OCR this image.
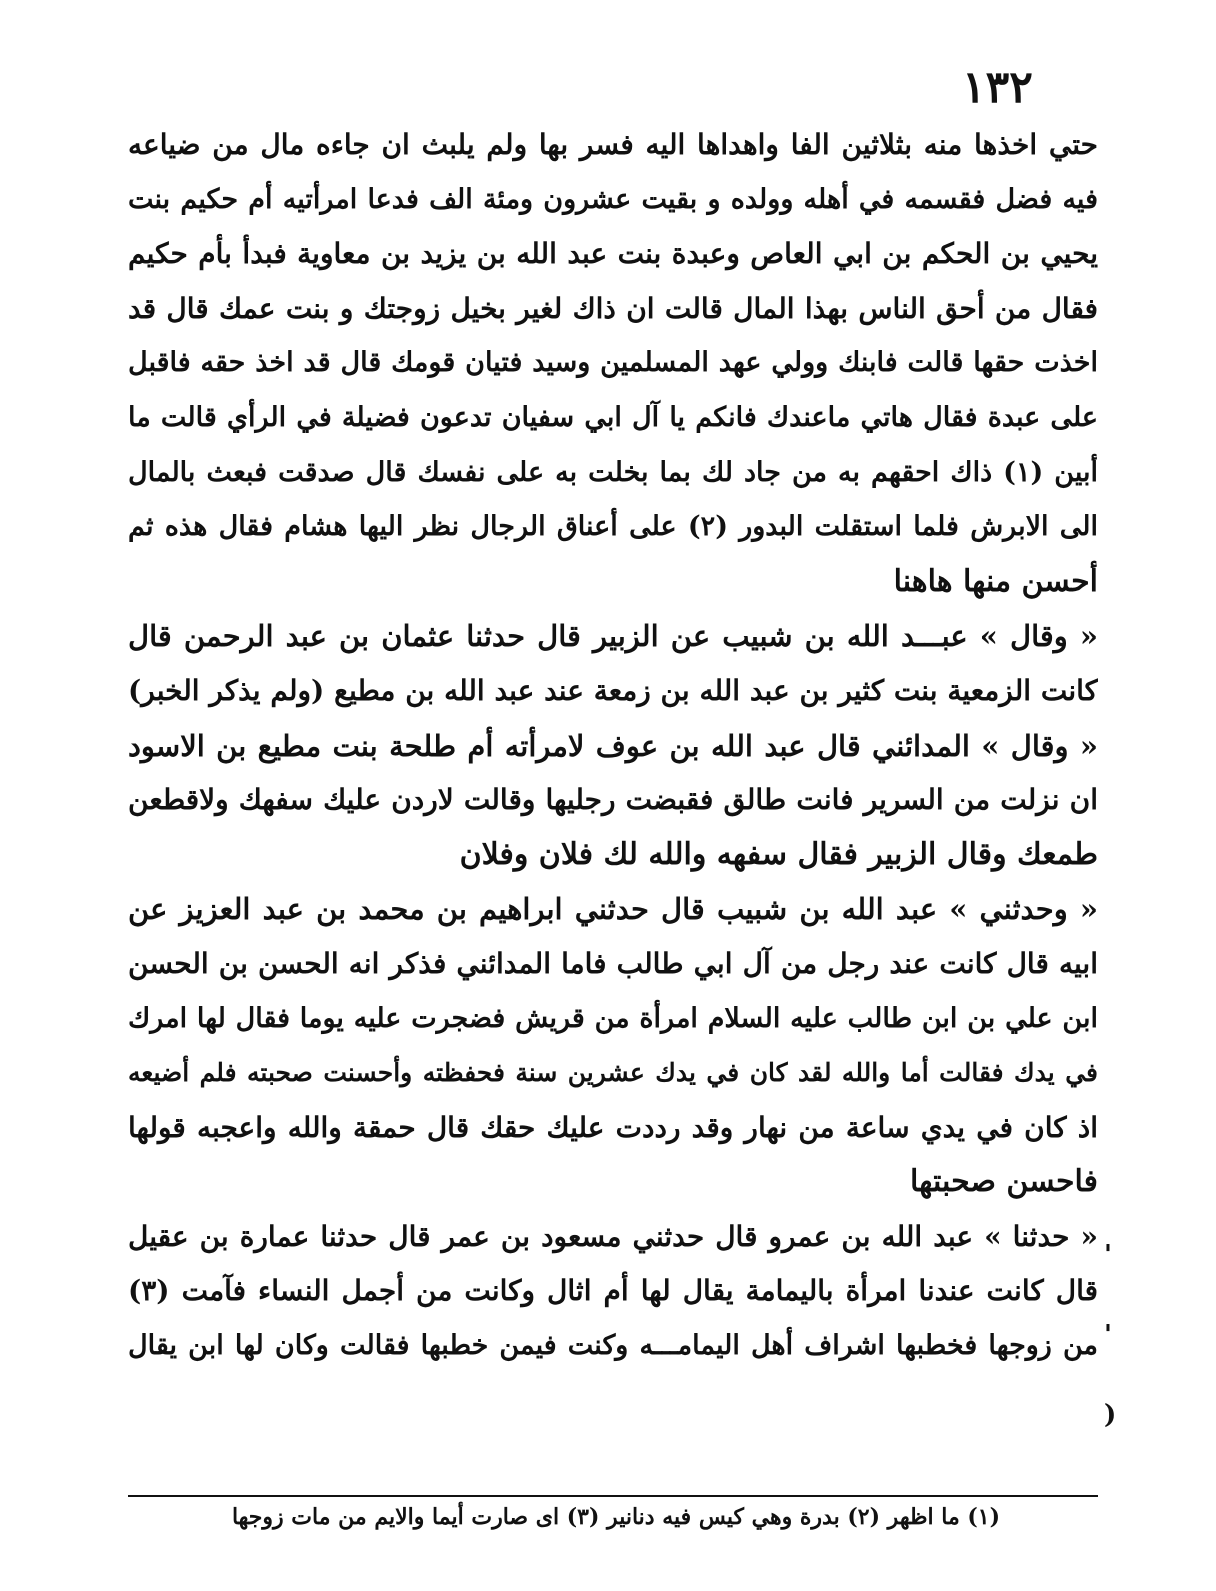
١٣٢
حتي اخذها منه بثلاثين الفا واهداها اليه فسر بها ولم يلبث ان جاءه مال من ضياعه
فيه فضل فقسمه في أهله وولده و بقيت عشرون ومئة الف فدعا امرأتيه أم حكيم بنت
يحيي بن الحكم بن ابي العاص وعبدة بنت عبد الله بن يزيد بن معاوية فبدأ بأم حكيم
فقال من أحق الناس بهذا المال قالت ان ذاك لغير بخيل زوجتك و بنت عمك قال قد
اخذت حقها قالت فابنك وولي عهد المسلمين وسيد فتيان قومك قال قد اخذ حقه فاقبل
على عبدة فقال هاتي ماعندك فانكم يا آل ابي سفيان تدعون فضيلة في الرأي قالت ما
أبين (١) ذاك احقهم به من جاد لك بما بخلت به على نفسك قال صدقت فبعث بالمال
الى الابرش فلما استقلت البدور (٢) على أعناق الرجال نظر اليها هشام فقال هذه ثم
أحسن منها هاهنا
« وقال » عبـــد الله بن شبيب عن الزبير قال حدثنا عثمان بن عبد الرحمن قال
كانت الزمعية بنت كثير بن عبد الله بن زمعة عند عبد الله بن مطيع (ولم يذكر الخبر)
« وقال » المدائني قال عبد الله بن عوف لامرأته أم طلحة بنت مطيع بن الاسود
ان نزلت من السرير فانت طالق فقبضت رجليها وقالت لاردن عليك سفهك ولاقطعن
طمعك وقال الزبير فقال سفهه والله لك فلان وفلان
« وحدثني » عبد الله بن شبيب قال حدثني ابراهيم بن محمد بن عبد العزيز عن
ابيه قال كانت عند رجل من آل ابي طالب فاما المدائني فذكر انه الحسن بن الحسن
ابن علي بن ابن طالب عليه السلام امرأة من قريش فضجرت عليه يوما فقال لها امرك
في يدك فقالت أما والله لقد كان في يدك عشرين سنة فحفظته وأحسنت صحبته فلم أضيعه
اذ كان في يدي ساعة من نهار وقد رددت عليك حقك قال حمقة والله واعجبه قولها
فاحسن صحبتها
« حدثنا » عبد الله بن عمرو قال حدثني مسعود بن عمر قال حدثنا عمارة بن عقيل
قال كانت عندنا امرأة باليمامة يقال لها أم اثال وكانت من أجمل النساء فآمت (٣)
من زوجها فخطبها اشراف أهل اليمامـــه وكنت فيمن خطبها فقالت وكان لها ابن يقال
'
'
)
(١) ما اظهر (٢) بدرة وهي كيس فيه دنانير (٣) اى صارت أيما والايم من مات زوجها
